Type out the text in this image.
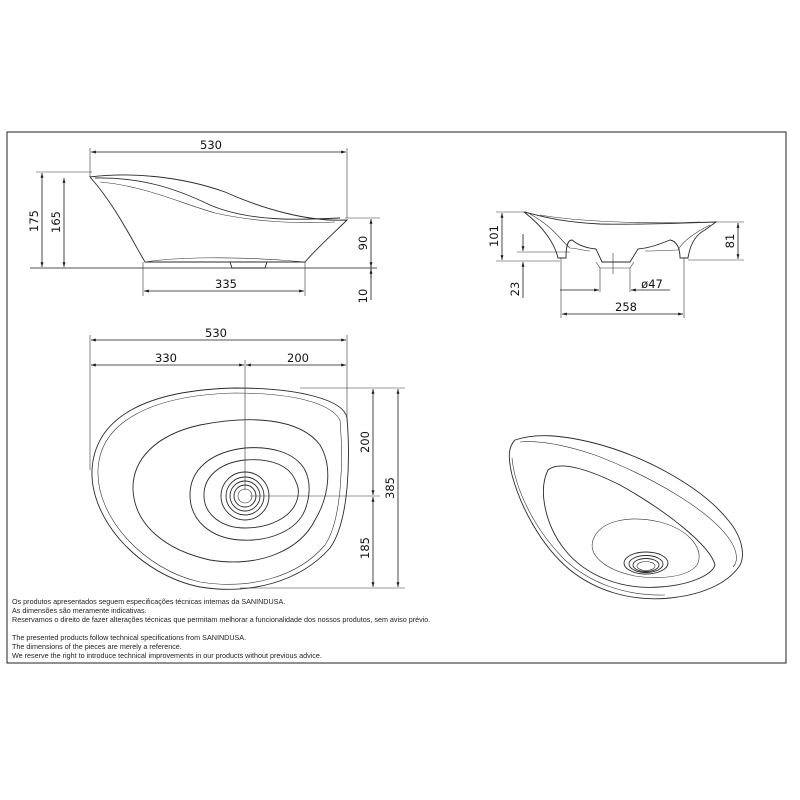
530
175 165
90
10
335
101
23
81
ø47
258
530
330	200
385
200
185

Os produtos apresentados seguem especificações técnicas internas da SANINDUSA.

As dimensões são meramente indicativas.

Reservamos o direito de fazer alterações técnicas que permitam melhorar a funcionalidade dos nossos produtos, sem aviso prévio.

The presented products follow technical specifications from SANINDUSA.

The dimensions of the pieces are merely a reference.

We reserve the right to introduce technical improvements in our products without previous advice.
